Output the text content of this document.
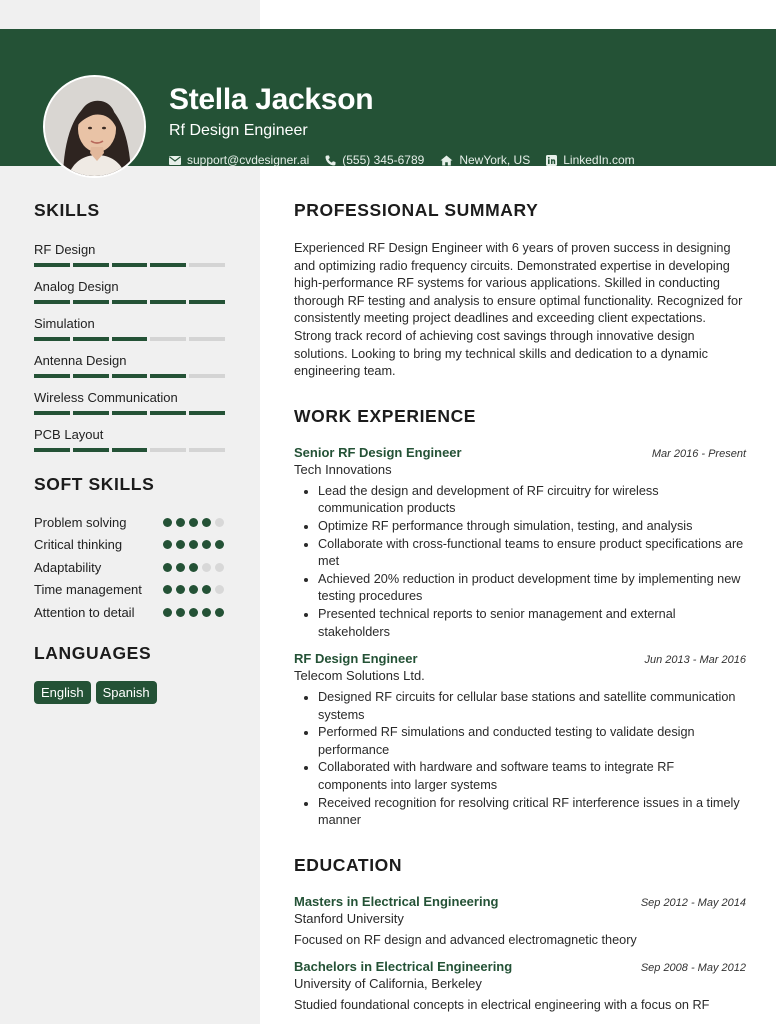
Stella Jackson
Rf Design Engineer
support@cvdesigner.ai	(555) 345-6789	NewYork, US	LinkedIn.com
SKILLS
RF Design
Analog Design
Simulation
Antenna Design
Wireless Communication
PCB Layout
SOFT SKILLS
Problem solving
Critical thinking
Adaptability
Time management
Attention to detail
LANGUAGES
English	Spanish
PROFESSIONAL SUMMARY

Experienced RF Design Engineer with 6 years of proven success in designing and optimizing radio frequency circuits. Demonstrated expertise in developing high-performance RF systems for various applications. Skilled in conducting thorough RF testing and analysis to ensure optimal functionality. Recognized for consistently meeting project deadlines and exceeding client expectations. Strong track record of achieving cost savings through innovative design solutions. Looking to bring my technical skills and dedication to a dynamic engineering team.

WORK EXPERIENCE
Senior RF Design Engineer	Mar 2016 - Present
Tech Innovations
• Lead the design and development of RF circuitry for wireless communication products
• Optimize RF performance through simulation, testing, and analysis
• Collaborate with cross-functional teams to ensure product specifications are met
• Achieved 20% reduction in product development time by implementing new testing procedures
• Presented technical reports to senior management and external stakeholders
RF Design Engineer	Jun 2013 - Mar 2016
Telecom Solutions Ltd.
• Designed RF circuits for cellular base stations and satellite communication systems
• Performed RF simulations and conducted testing to validate design performance
• Collaborated with hardware and software teams to integrate RF components into larger systems
• Received recognition for resolving critical RF interference issues in a timely manner
EDUCATION
Masters in Electrical Engineering	Sep 2012 - May 2014
Stanford University
Focused on RF design and advanced electromagnetic theory
Bachelors in Electrical Engineering	Sep 2008 - May 2012
University of California, Berkeley
Studied foundational concepts in electrical engineering with a focus on RF
